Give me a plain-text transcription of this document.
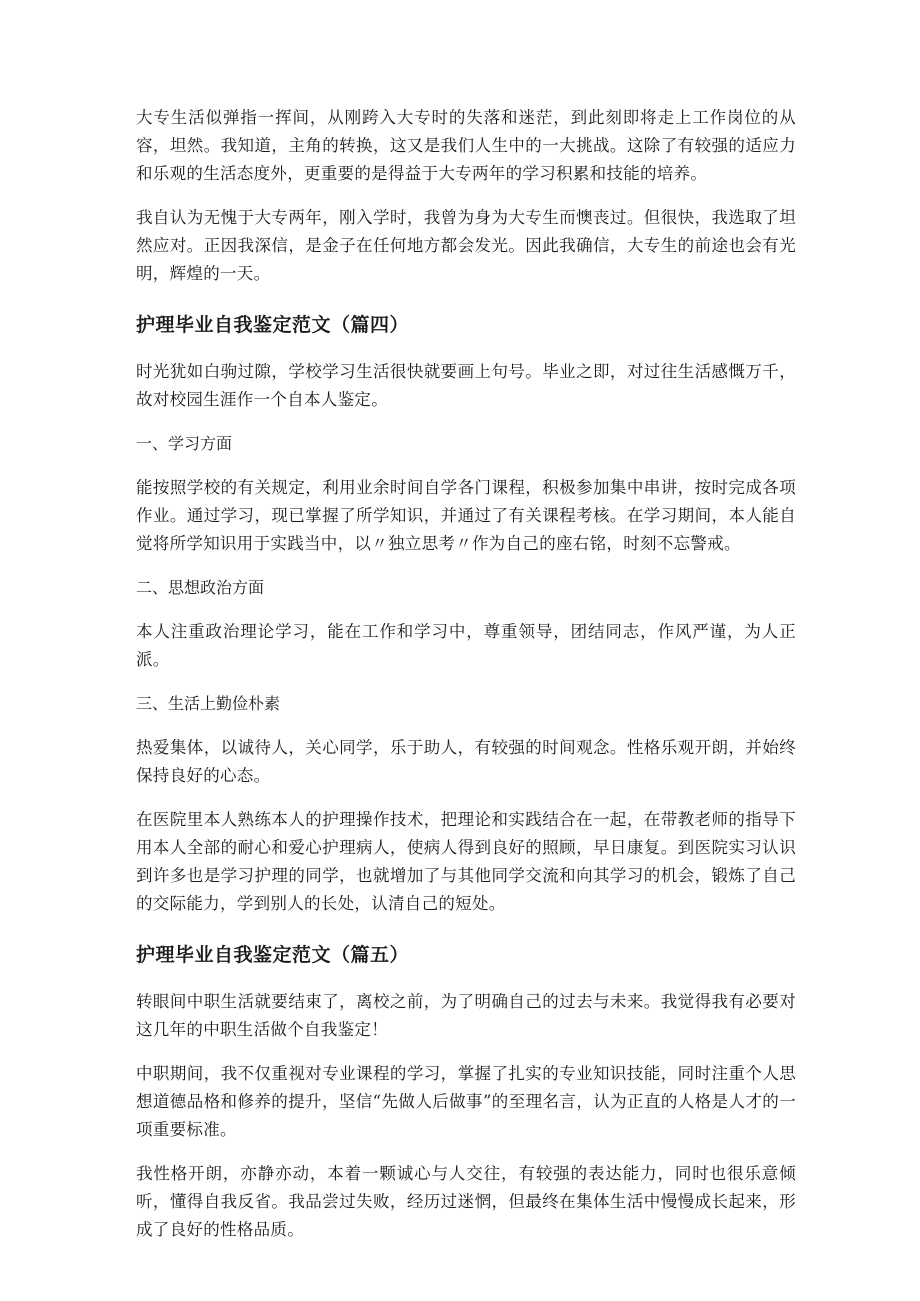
大专生活似弹指一挥间，从刚跨入大专时的失落和迷茫，到此刻即将走上工作岗位的从容，坦然。我知道，主角的转换，这又是我们人生中的一大挑战。这除了有较强的适应力和乐观的生活态度外，更重要的是得益于大专两年的学习积累和技能的培养。

我自认为无愧于大专两年，刚入学时，我曾为身为大专生而懊丧过。但很快，我选取了坦然应对。正因我深信，是金子在任何地方都会发光。因此我确信，大专生的前途也会有光明，辉煌的一天。

护理毕业自我鉴定范文（篇四）

时光犹如白驹过隙，学校学习生活很快就要画上句号。毕业之即，对过往生活感慨万千，故对校园生涯作一个自本人鉴定。

一、学习方面

能按照学校的有关规定，利用业余时间自学各门课程，积极参加集中串讲，按时完成各项作业。通过学习，现已掌握了所学知识，并通过了有关课程考核。在学习期间，本人能自觉将所学知识用于实践当中，以〃独立思考〃作为自己的座右铭，时刻不忘警戒。

二、思想政治方面

本人注重政治理论学习，能在工作和学习中，尊重领导，团结同志，作风严谨，为人正派。

三、生活上勤俭朴素

热爱集体，以诚待人，关心同学，乐于助人，有较强的时间观念。性格乐观开朗，并始终保持良好的心态。

在医院里本人熟练本人的护理操作技术，把理论和实践结合在一起，在带教老师的指导下用本人全部的耐心和爱心护理病人，使病人得到良好的照顾，早日康复。到医院实习认识到许多也是学习护理的同学，也就增加了与其他同学交流和向其学习的机会，锻炼了自己的交际能力，学到别人的长处，认清自己的短处。

护理毕业自我鉴定范文（篇五）

转眼间中职生活就要结束了，离校之前，为了明确自己的过去与未来。我觉得我有必要对这几年的中职生活做个自我鉴定！

中职期间，我不仅重视对专业课程的学习，掌握了扎实的专业知识技能，同时注重个人思想道德品格和修养的提升，坚信“先做人后做事”的至理名言，认为正直的人格是人才的一项重要标准。

我性格开朗，亦静亦动，本着一颗诚心与人交往，有较强的表达能力，同时也很乐意倾听，懂得自我反省。我品尝过失败，经历过迷惘，但最终在集体生活中慢慢成长起来，形成了良好的性格品质。
